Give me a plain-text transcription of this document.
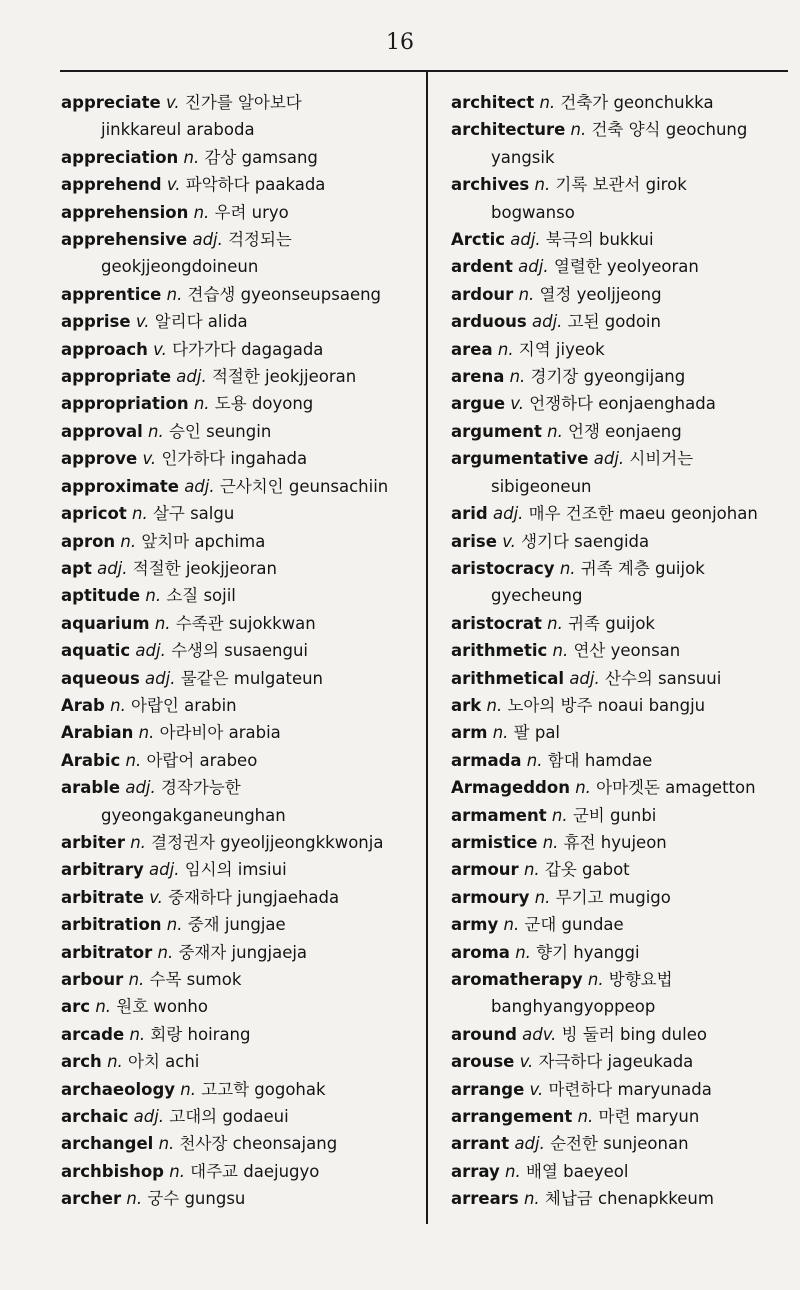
16
appreciate v. 진가를 알아보다
jinkkareul araboda
appreciation n. 감상 gamsang
apprehend v. 파악하다 paakada
apprehension n. 우려 uryo
apprehensive adj. 걱정되는
geokjjeongdoineun
apprentice n. 견습생 gyeonseupsaeng
apprise v. 알리다 alida
approach v. 다가가다 dagagada
appropriate adj. 적절한 jeokjjeoran
appropriation n. 도용 doyong
approval n. 승인 seungin
approve v. 인가하다 ingahada
approximate adj. 근사치인 geunsachiin
apricot n. 살구 salgu
apron n. 앞치마 apchima
apt adj. 적절한 jeokjjeoran
aptitude n. 소질 sojil
aquarium n. 수족관 sujokkwan
aquatic adj. 수생의 susaengui
aqueous adj. 물같은 mulgateun
Arab n. 아랍인 arabin
Arabian n. 아라비아 arabia
Arabic n. 아랍어 arabeo
arable adj. 경작가능한
gyeongakganeunghan
arbiter n. 결정권자 gyeoljjeongkkwonja
arbitrary adj. 임시의 imsiui
arbitrate v. 중재하다 jungjaehada
arbitration n. 중재 jungjae
arbitrator n. 중재자 jungjaeja
arbour n. 수목 sumok
arc n. 원호 wonho
arcade n. 회랑 hoirang
arch n. 아치 achi
archaeology n. 고고학 gogohak
archaic adj. 고대의 godaeui
archangel n. 천사장 cheonsajang
archbishop n. 대주교 daejugyo
archer n. 궁수 gungsu
architect n. 건축가 geonchukka
architecture n. 건축 양식 geochung
yangsik
archives n. 기록 보관서 girok
bogwanso
Arctic adj. 북극의 bukkui
ardent adj. 열렬한 yeolyeoran
ardour n. 열정 yeoljjeong
arduous adj. 고된 godoin
area n. 지역 jiyeok
arena n. 경기장 gyeongijang
argue v. 언쟁하다 eonjaenghada
argument n. 언쟁 eonjaeng
argumentative adj. 시비거는
sibigeoneun
arid adj. 매우 건조한 maeu geonjohan
arise v. 생기다 saengida
aristocracy n. 귀족 계층 guijok
gyecheung
aristocrat n. 귀족 guijok
arithmetic n. 연산 yeonsan
arithmetical adj. 산수의 sansuui
ark n. 노아의 방주 noaui bangju
arm n. 팔 pal
armada n. 함대 hamdae
Armageddon n. 아마겟돈 amagetton
armament n. 군비 gunbi
armistice n. 휴전 hyujeon
armour n. 갑옷 gabot
armoury n. 무기고 mugigo
army n. 군대 gundae
aroma n. 향기 hyanggi
aromatherapy n. 방향요법
banghyangyoppeop
around adv. 빙 둘러 bing duleo
arouse v. 자극하다 jageukada
arrange v. 마련하다 maryunada
arrangement n. 마련 maryun
arrant adj. 순전한 sunjeonan
array n. 배열 baeyeol
arrears n. 체납금 chenapkkeum
